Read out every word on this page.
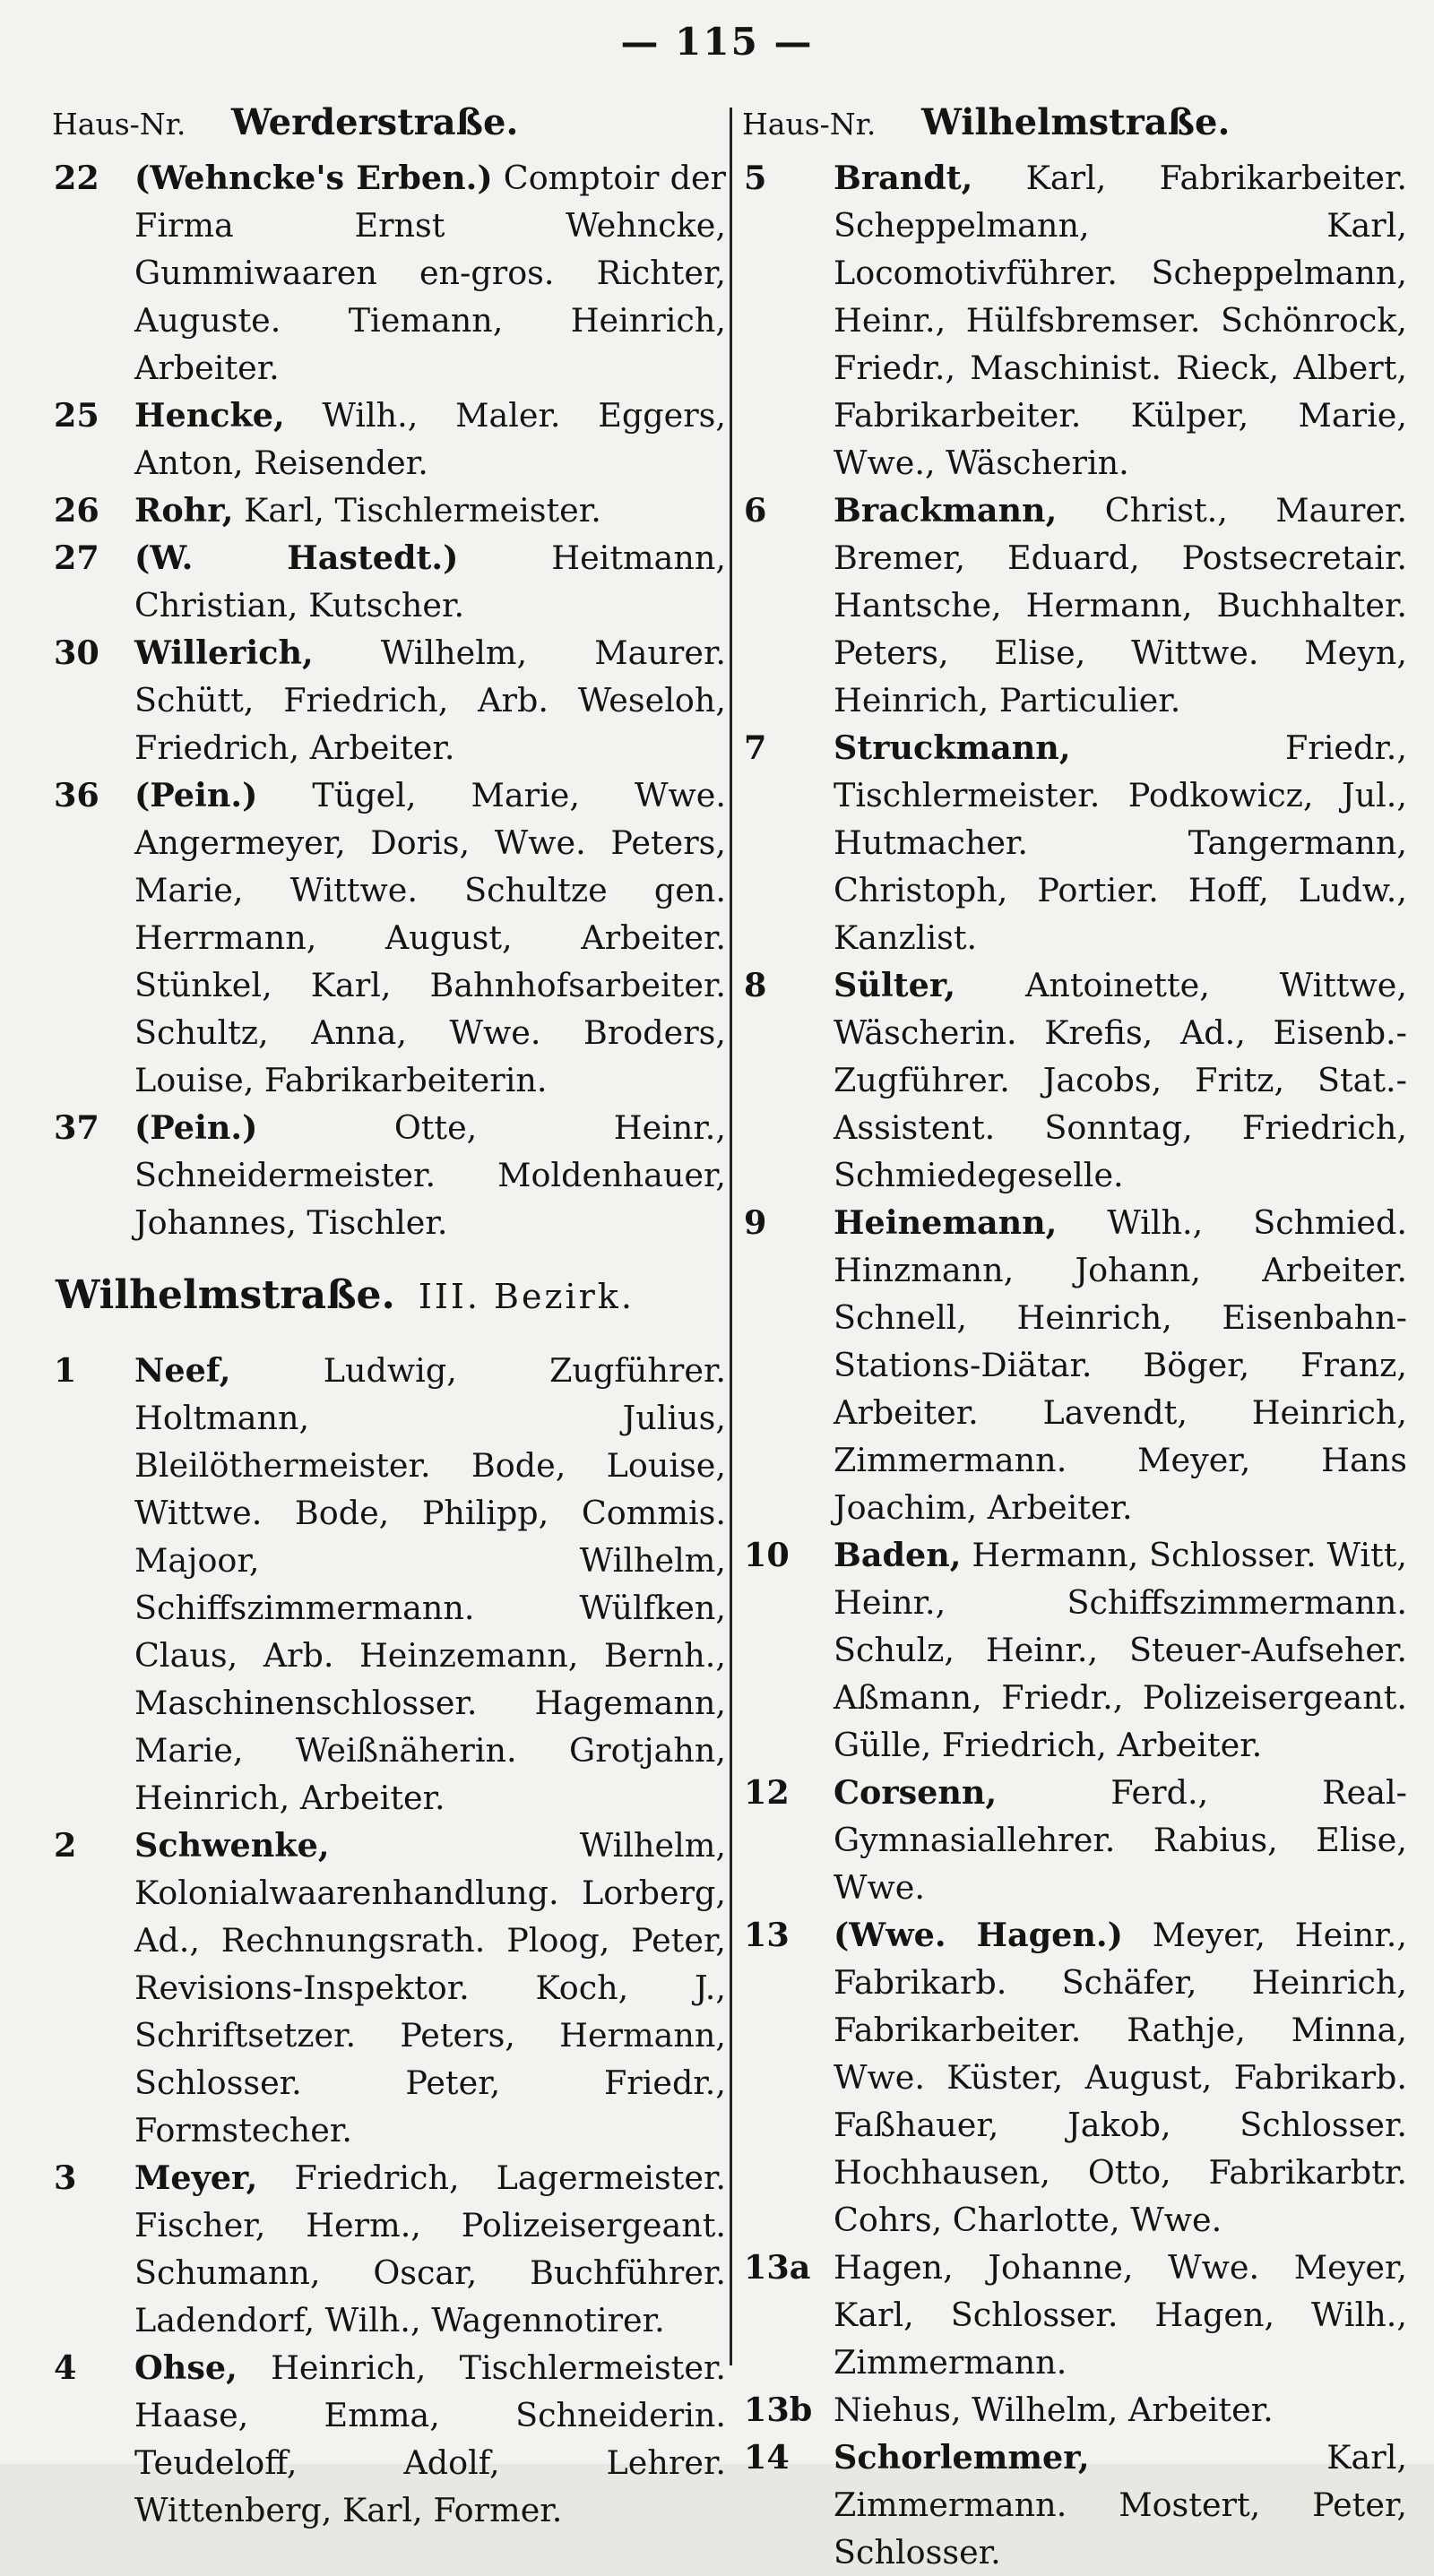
— 115 —
Haus-Nr.	Werderstraße.
22	(Wehncke's Erben.) Comptoir der Firma Ernst Wehncke, Gummiwaaren en-gros. Richter, Auguste. Tiemann, Heinrich, Arbeiter.
25	Hencke, Wilh., Maler. Eggers, Anton, Reisender.
26	Rohr, Karl, Tischlermeister.
27	(W. Hastedt.)	Heitmann, Christian, Kutscher.
30	Willerich, Wilhelm, Maurer. Schütt, Friedrich, Arb. Weseloh, Friedrich, Arbeiter.
36	(Pein.) Tügel, Marie, Wwe. Angermeyer, Doris, Wwe. Peters, Marie, Wittwe. Schultze gen. Herrmann, August, Arbeiter. Stünkel, Karl, Bahnhofsarbeiter. Schultz, Anna, Wwe. Broders, Louise, Fabrikarbeiterin.
37	(Pein.)	Otte, Heinr., Schneidermeister. Moldenhauer, Johannes, Tischler.
Wilhelmstraße. III. Bezirk.
1	Neef,	Ludwig, Zugführer. Holtmann, Julius, Bleilöthermeister. Bode, Louise, Wittwe. Bode, Philipp, Commis. Majoor, Wilhelm, Schiffszimmermann. Wülfken, Claus, Arb. Heinzemann, Bernh., Maschinenschlosser. Hagemann, Marie, Weißnäherin. Grotjahn, Heinrich, Arbeiter.
2	Schwenke,	Wilhelm, Kolonialwaarenhandlung. Lorberg, Ad., Rechnungsrath. Ploog, Peter, Revisions-Inspektor. Koch, J., Schriftsetzer. Peters, Hermann, Schlosser. Peter, Friedr., Formstecher.
3	Meyer, Friedrich, Lagermeister. Fischer, Herm., Polizeisergeant. Schumann, Oscar, Buchführer. Ladendorf, Wilh., Wagennotirer.
4	Ohse, Heinrich, Tischlermeister. Haase, Emma, Schneiderin. Teudeloff, Adolf, Lehrer. Wittenberg, Karl, Former.
Haus-Nr.	Wilhelmstraße.
5	Brandt, Karl, Fabrikarbeiter. Scheppelmann, Karl, Locomotivführer. Scheppelmann, Heinr., Hülfsbremser. Schönrock, Friedr., Maschinist. Rieck, Albert, Fabrikarbeiter. Külper, Marie, Wwe., Wäscherin.
6	Brackmann, Christ., Maurer. Bremer, Eduard, Postsecretair. Hantsche, Hermann, Buchhalter. Peters, Elise, Wittwe. Meyn, Heinrich, Particulier.
7	Struckmann,	Friedr., Tischlermeister. Podkowicz, Jul., Hutmacher. Tangermann, Christoph, Portier. Hoff, Ludw., Kanzlist.
8	Sülter, Antoinette, Wittwe, Wäscherin. Krefis, Ad., Eisenb.-Zugführer. Jacobs, Fritz, Stat.-Assistent. Sonntag, Friedrich, Schmiedegeselle.
9	Heinemann, Wilh., Schmied. Hinzmann, Johann, Arbeiter. Schnell, Heinrich, Eisenbahn-Stations-Diätar. Böger, Franz, Arbeiter. Lavendt, Heinrich, Zimmermann. Meyer, Hans Joachim, Arbeiter.
10	Baden, Hermann, Schlosser. Witt, Heinr., Schiffszimmermann. Schulz, Heinr., Steuer-Aufseher. Aßmann, Friedr., Polizeisergeant. Gülle, Friedrich, Arbeiter.
12	Corsenn,	Ferd., Real-Gymnasiallehrer. Rabius, Elise, Wwe.
13	(Wwe. Hagen.) Meyer, Heinr., Fabrikarb. Schäfer, Heinrich, Fabrikarbeiter. Rathje, Minna, Wwe. Küster, August, Fabrikarb. Faßhauer, Jakob, Schlosser. Hochhausen, Otto, Fabrikarbtr. Cohrs, Charlotte, Wwe.
13a Hagen, Johanne, Wwe. Meyer, Karl, Schlosser. Hagen, Wilh., Zimmermann.
13b Niehus, Wilhelm, Arbeiter.
14	Schorlemmer,	Karl, Zimmermann. Mostert, Peter, Schlosser.
